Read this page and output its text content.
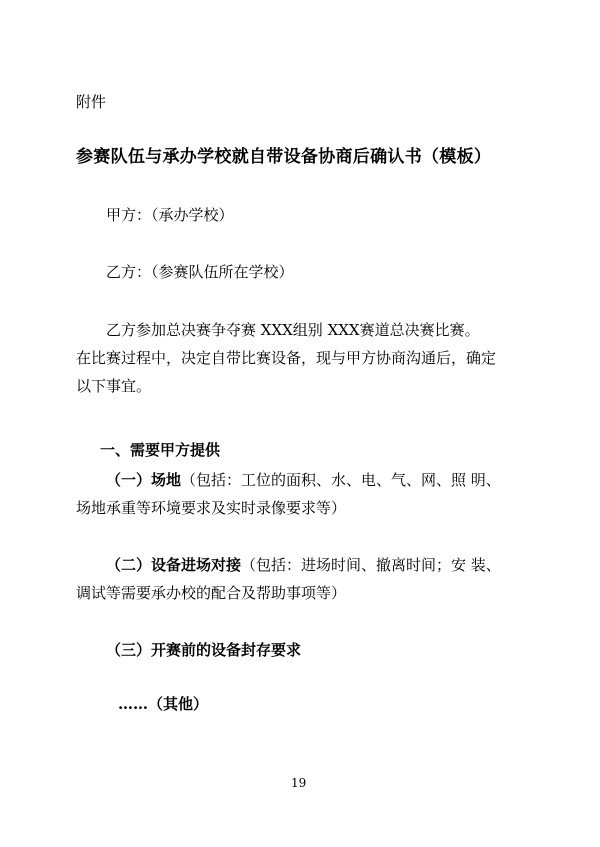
附件
参赛队伍与承办学校就自带设备协商后确认书（模板）
甲方：（承办学校）
乙方：（参赛队伍所在学校）
乙方参加总决赛争夺赛 XXX组别 XXX赛道总决赛比赛。
在比赛过程中，决定自带比赛设备，现与甲方协商沟通后，确定
以下事宜。
一、需要甲方提供
（一）场地（包括：工位的面积、水、电、气、网、照 明、
场地承重等环境要求及实时录像要求等）
（二）设备进场对接（包括：进场时间、撤离时间；安 装、
调试等需要承办校的配合及帮助事项等）
（三）开赛前的设备封存要求
……（其他）
19
